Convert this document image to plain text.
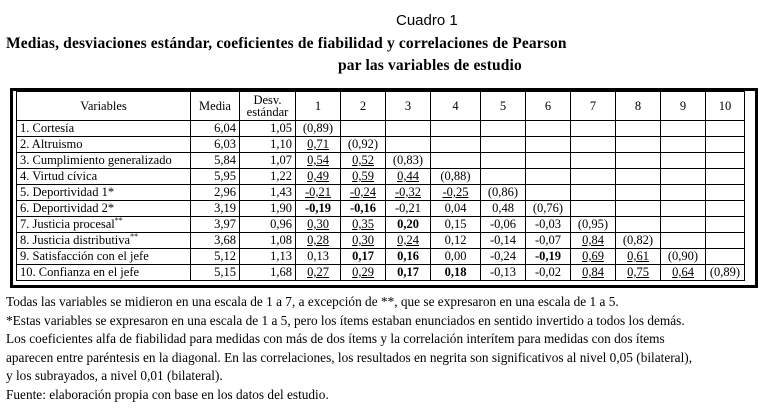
Cuadro 1
Medias, desviaciones estándar, coeficientes de fiabilidad y correlaciones de Pearson
par las variables de estudio
Variables	Media	Desv. estándar	1	2	3	4	5	6	7	8	9	10
1. Cortesía	6,04	1,05	(0,89)									
2. Altruismo	6,03	1,10	0,71	(0,92)								
3. Cumplimiento generalizado	5,84	1,07	0,54	0,52	(0,83)							
4. Virtud cívica	5,95	1,22	0,49	0,59	0,44	(0,88)						
5. Deportividad 1*	2,96	1,43	-0,21	-0,24	-0,32	-0,25	(0,86)					
6. Deportividad 2*	3,19	1,90	-0,19	-0,16	-0,21	0,04	0,48	(0,76)				
7. Justicia procesal**	3,97	0,96	0,30	0,35	0,20	0,15	-0,06	-0,03	(0,95)			
8. Justicia distributiva**	3,68	1,08	0,28	0,30	0,24	0,12	-0,14	-0,07	0,84	(0,82)		
9. Satisfacción con el jefe	5,12	1,13	0,13	0,17	0,16	0,00	-0,24	-0,19	0,69	0,61	(0,90)	
10. Confianza en el jefe	5,15	1,68	0,27	0,29	0,17	0,18	-0,13	-0,02	0,84	0,75	0,64	(0,89)

Todas las variables se midieron en una escala de 1 a 7, a excepción de **, que se expresaron en una escala de 1 a 5.

*Estas variables se expresaron en una escala de 1 a 5, pero los ítems estaban enunciados en sentido invertido a todos los demás.

Los coeficientes alfa de fiabilidad para medidas con más de dos ítems y la correlación interítem para medidas con dos ítems

aparecen entre paréntesis en la diagonal. En las correlaciones, los resultados en negrita son significativos al nivel 0,05 (bilateral),

y los subrayados, a nivel 0,01 (bilateral).

Fuente: elaboración propia con base en los datos del estudio.
